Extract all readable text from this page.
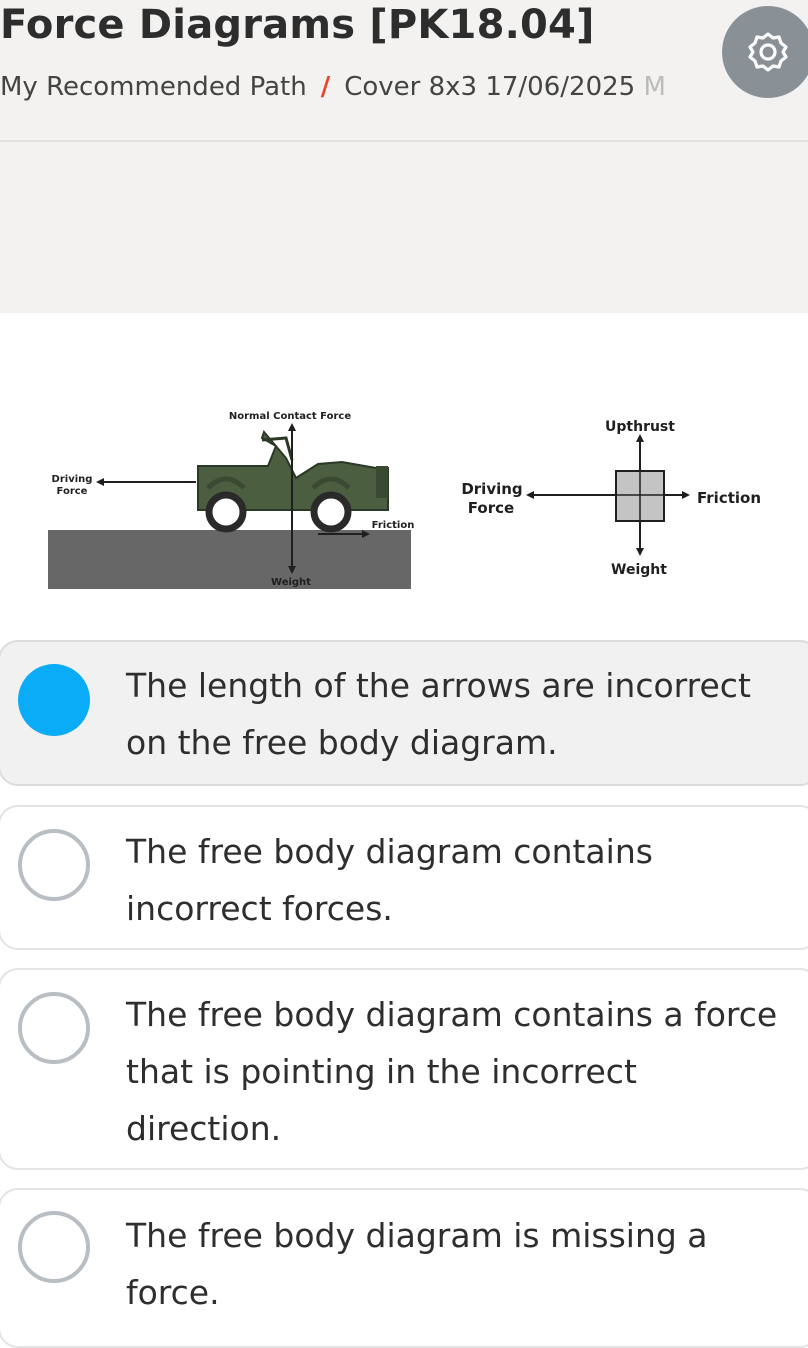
Force Diagrams [PK18.04]
My Recommended Path / Cover 8x3 17/06/2025 M
Normal Contact Force
Driving
Force
Friction
Weight
Upthrust
Driving
Force
Friction
Weight
The length of the arrows are incorrect on the free body diagram.
The free body diagram contains incorrect forces.
The free body diagram contains a force that is pointing in the incorrect direction.
The free body diagram is missing a force.
